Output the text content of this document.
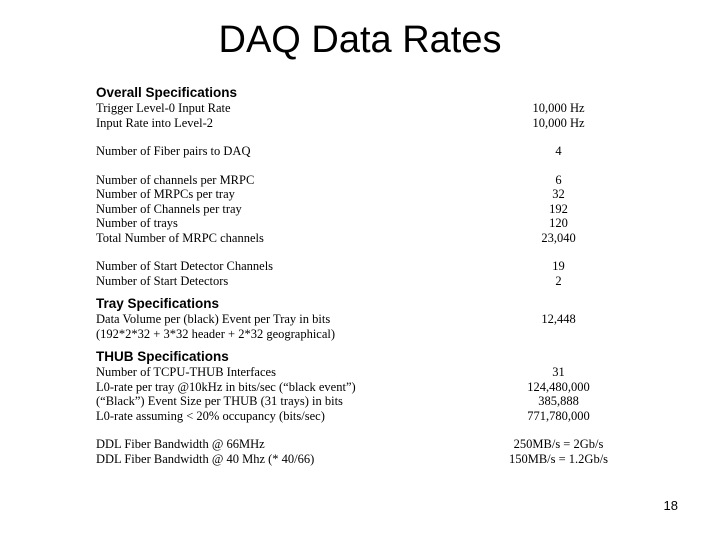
DAQ Data Rates
Overall Specifications
Trigger Level-0 Input Rate	10,000 Hz
Input Rate into Level-2	10,000 Hz
Number of Fiber pairs to DAQ	4
Number of channels per MRPC	6
Number of MRPCs per tray	32
Number of Channels per tray	192
Number of trays	120
Total Number of MRPC channels	23,040
Number of Start Detector Channels	19
Number of Start Detectors	2
Tray Specifications
Data Volume per (black) Event per Tray in bits	12,448
(192*2*32 + 3*32 header + 2*32 geographical)
THUB Specifications
Number of TCPU-THUB Interfaces	31
L0-rate per tray @10kHz in bits/sec (“black event”)	124,480,000
(“Black”) Event Size per THUB (31 trays) in bits	385,888
L0-rate assuming < 20% occupancy (bits/sec)	771,780,000
DDL Fiber Bandwidth @ 66MHz	250MB/s = 2Gb/s
DDL Fiber Bandwidth @ 40 Mhz (* 40/66)	150MB/s = 1.2Gb/s
18
